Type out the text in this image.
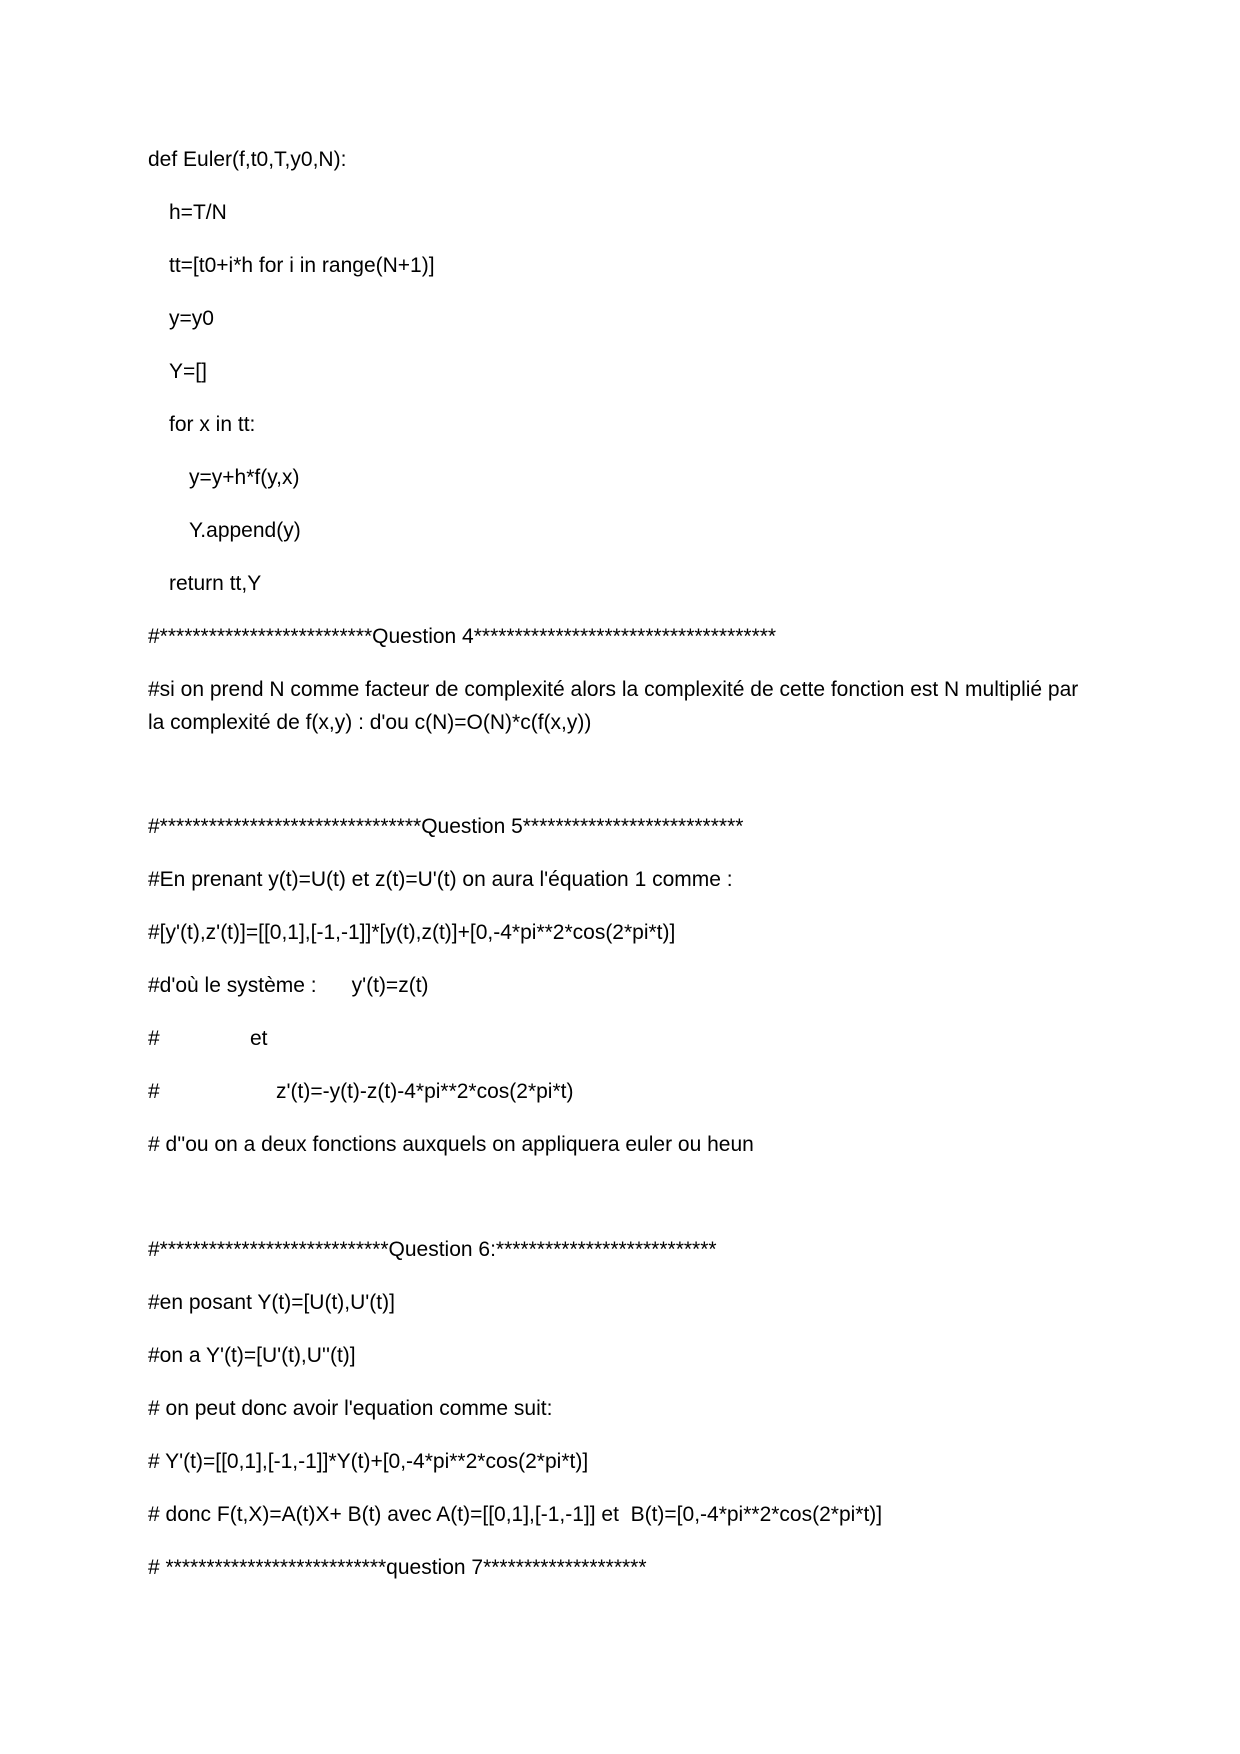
def Euler(f,t0,T,y0,N):
h=T/N
tt=[t0+i*h for i in range(N+1)]
y=y0
Y=[]
for x in tt:
y=y+h*f(y,x)
Y.append(y)
return tt,Y
#**************************Question 4*************************************
#si on prend N comme facteur de complexité alors la complexité de cette fonction est N multiplié par la complexité de f(x,y) : d'ou c(N)=O(N)*c(f(x,y))
#********************************Question 5***************************
#En prenant y(t)=U(t) et z(t)=U'(t) on aura l'équation 1 comme :
#[y'(t),z'(t)]=[[0,1],[-1,-1]]*[y(t),z(t)]+[0,-4*pi**2*cos(2*pi*t)]
#d'où le système :      y'(t)=z(t)
#	et
#	z'(t)=-y(t)-z(t)-4*pi**2*cos(2*pi*t)
# d''ou on a deux fonctions auxquels on appliquera euler ou heun
#****************************Question 6:***************************
#en posant Y(t)=[U(t),U'(t)]
#on a Y'(t)=[U'(t),U''(t)]
# on peut donc avoir l'equation comme suit:
# Y'(t)=[[0,1],[-1,-1]]*Y(t)+[0,-4*pi**2*cos(2*pi*t)]
# donc F(t,X)=A(t)X+ B(t) avec A(t)=[[0,1],[-1,-1]] et  B(t)=[0,-4*pi**2*cos(2*pi*t)]
# ***************************question 7********************
